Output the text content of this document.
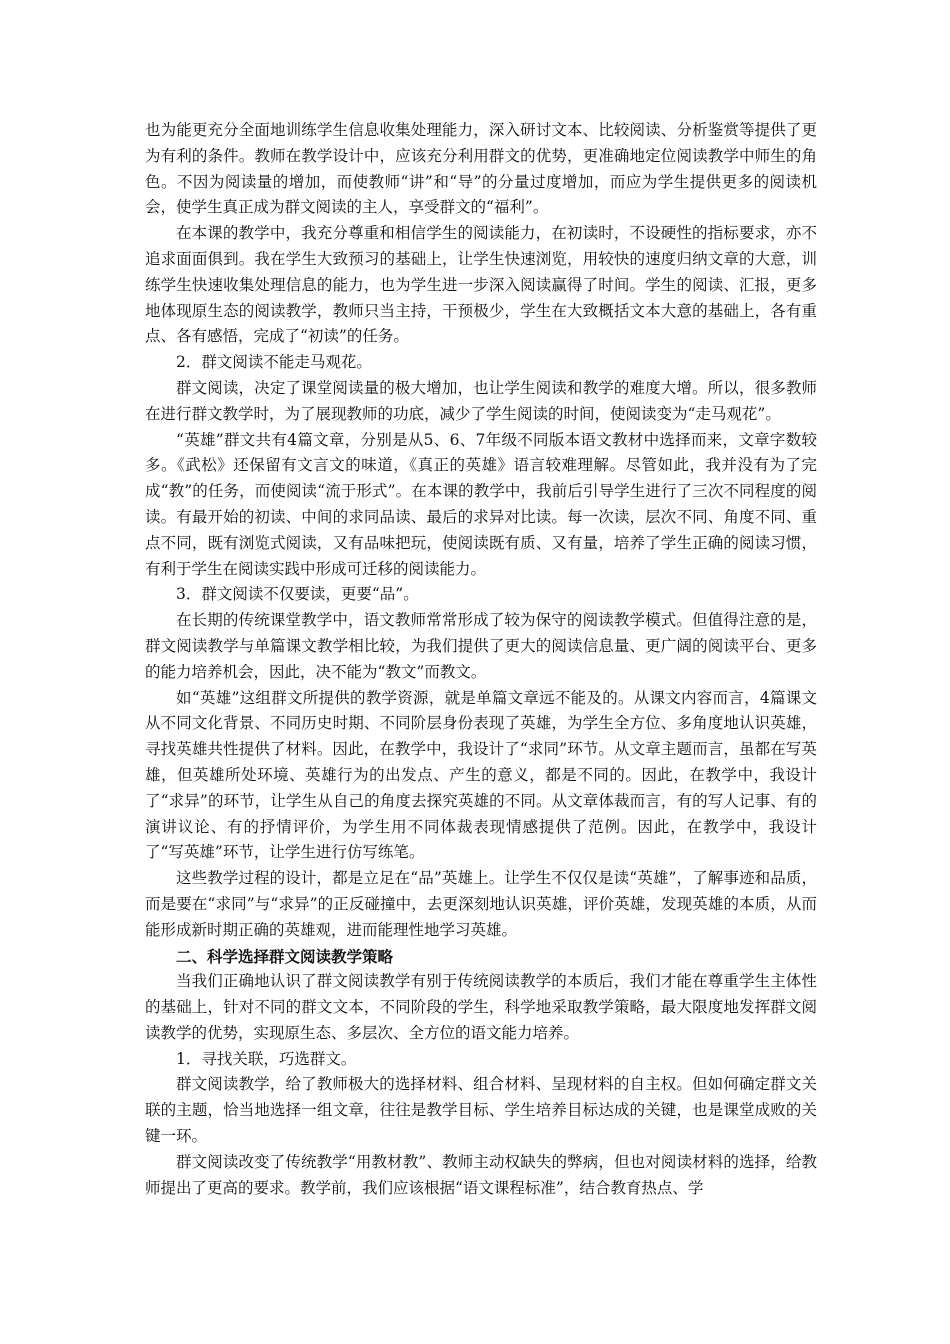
也为能更充分全面地训练学生信息收集处理能力，深入研讨文本、比较阅读、分析鉴赏等提供了更为有利的条件。教师在教学设计中，应该充分利用群文的优势，更准确地定位阅读教学中师生的角色。不因为阅读量的增加，而使教师“讲”和“导”的分量过度增加，而应为学生提供更多的阅读机会，使学生真正成为群文阅读的主人，享受群文的“福利”。

在本课的教学中，我充分尊重和相信学生的阅读能力，在初读时，不设硬性的指标要求，亦不追求面面俱到。我在学生大致预习的基础上，让学生快速浏览，用较快的速度归纳文章的大意，训练学生快速收集处理信息的能力，也为学生进一步深入阅读赢得了时间。学生的阅读、汇报，更多地体现原生态的阅读教学，教师只当主持，干预极少，学生在大致概括文本大意的基础上，各有重点、各有感悟，完成了“初读”的任务。

2．群文阅读不能走马观花。

群文阅读，决定了课堂阅读量的极大增加，也让学生阅读和教学的难度大增。所以，很多教师在进行群文教学时，为了展现教师的功底，减少了学生阅读的时间，使阅读变为“走马观花”。

“英雄”群文共有4篇文章，分别是从5、6、7年级不同版本语文教材中选择而来，文章字数较多。《武松》还保留有文言文的味道，《真正的英雄》语言较难理解。尽管如此，我并没有为了完成“教”的任务，而使阅读“流于形式”。在本课的教学中，我前后引导学生进行了三次不同程度的阅读。有最开始的初读、中间的求同品读、最后的求异对比读。每一次读，层次不同、角度不同、重点不同，既有浏览式阅读，又有品味把玩，使阅读既有质、又有量，培养了学生正确的阅读习惯，有利于学生在阅读实践中形成可迁移的阅读能力。

3．群文阅读不仅要读，更要“品”。

在长期的传统课堂教学中，语文教师常常形成了较为保守的阅读教学模式。但值得注意的是，群文阅读教学与单篇课文教学相比较，为我们提供了更大的阅读信息量、更广阔的阅读平台、更多的能力培养机会，因此，决不能为“教文”而教文。

如“英雄”这组群文所提供的教学资源，就是单篇文章远不能及的。从课文内容而言，4篇课文从不同文化背景、不同历史时期、不同阶层身份表现了英雄，为学生全方位、多角度地认识英雄，寻找英雄共性提供了材料。因此，在教学中，我设计了“求同”环节。从文章主题而言，虽都在写英雄，但英雄所处环境、英雄行为的出发点、产生的意义，都是不同的。因此，在教学中，我设计了“求异”的环节，让学生从自己的角度去探究英雄的不同。从文章体裁而言，有的写人记事、有的演讲议论、有的抒情评价，为学生用不同体裁表现情感提供了范例。因此，在教学中，我设计了“写英雄”环节，让学生进行仿写练笔。

这些教学过程的设计，都是立足在“品”英雄上。让学生不仅仅是读“英雄”，了解事迹和品质，而是要在“求同”与“求异”的正反碰撞中，去更深刻地认识英雄，评价英雄，发现英雄的本质，从而能形成新时期正确的英雄观，进而能理性地学习英雄。

二、科学选择群文阅读教学策略

当我们正确地认识了群文阅读教学有别于传统阅读教学的本质后，我们才能在尊重学生主体性的基础上，针对不同的群文文本，不同阶段的学生，科学地采取教学策略，最大限度地发挥群文阅读教学的优势，实现原生态、多层次、全方位的语文能力培养。

1．寻找关联，巧选群文。

群文阅读教学，给了教师极大的选择材料、组合材料、呈现材料的自主权。但如何确定群文关联的主题，恰当地选择一组文章，往往是教学目标、学生培养目标达成的关键，也是课堂成败的关键一环。

群文阅读改变了传统教学“用教材教”、教师主动权缺失的弊病，但也对阅读材料的选择，给教师提出了更高的要求。教学前，我们应该根据“语文课程标准”，结合教育热点、学
